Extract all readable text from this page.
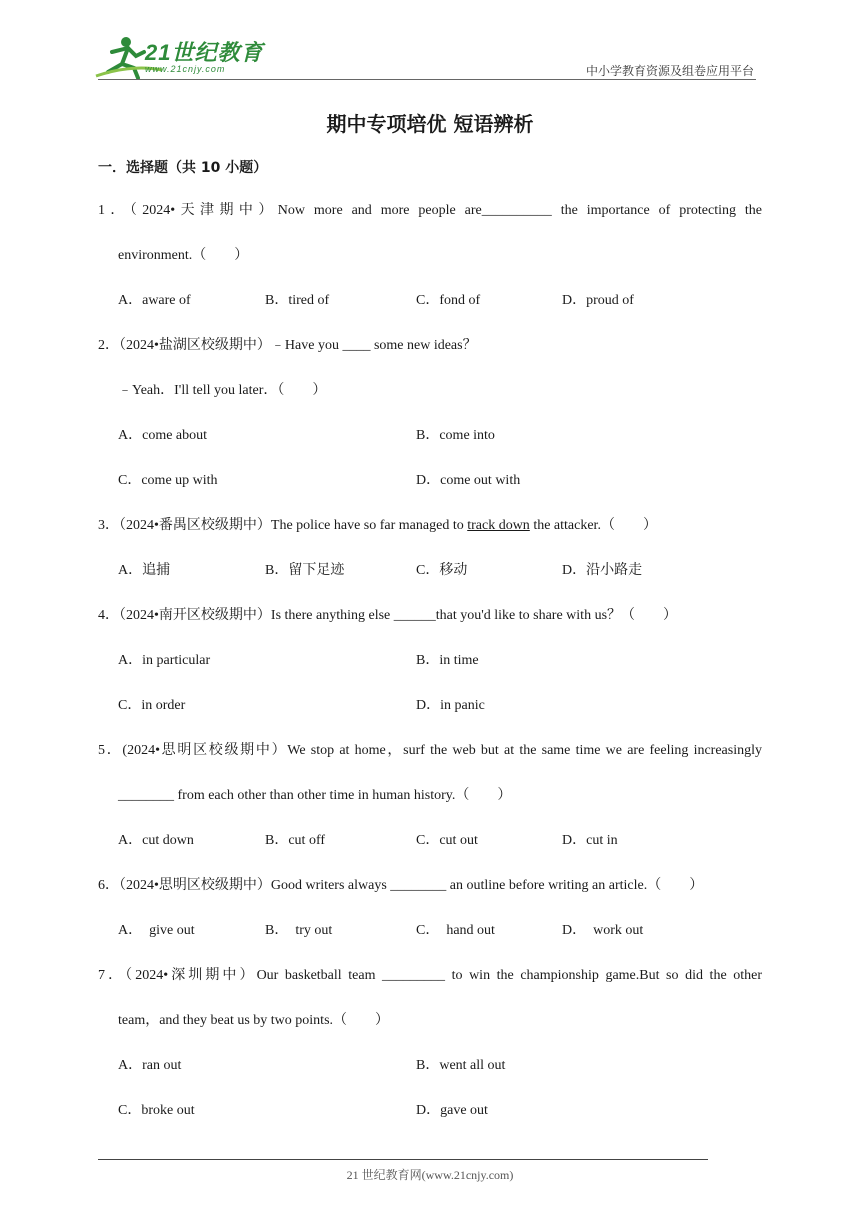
21世纪教育
www.21cnjy.com	中小学教育资源及组卷应用平台
期中专项培优 短语辨析
一．选择题（共 10 小题）
1．（2024•天津期中）Now more and more people are__________ the importance of protecting the
environment.（　　）
A．aware of	B．tired of	C．fond of	D．proud of
2．（2024•盐湖区校级期中）﹣Have you ____ some new ideas？
﹣Yeah．I'll tell you later．（　　）
A．come about	B．come into
C．come up with	D．come out with
3．（2024•番禺区校级期中）The police have so far managed to track down the attacker.（　　）
A．追捕	B．留下足迹	C．移动	D．沿小路走
4．（2024•南开区校级期中）Is there anything else ______that you'd like to share with us？（　　）
A．in particular	B．in time
C．in order	D．in panic
5．(2024•思明区校级期中）We stop at home，surf the web but at the same time we are feeling increasingly
________ from each other than other time in human history.（　　）
A．cut down	B．cut off	C．cut out	D．cut in
6．（2024•思明区校级期中）Good writers always ________ an outline before writing an article.（　　）
A．　give out	B．　try out	C．　hand out	D．　work out
7．（2024•深圳期中）Our basketball team _________ to win the championship game.But so did the other
team，and they beat us by two points.（　　）
A．ran out	B．went all out
C．broke out	D．gave out
21 世纪教育网(www.21cnjy.com)
